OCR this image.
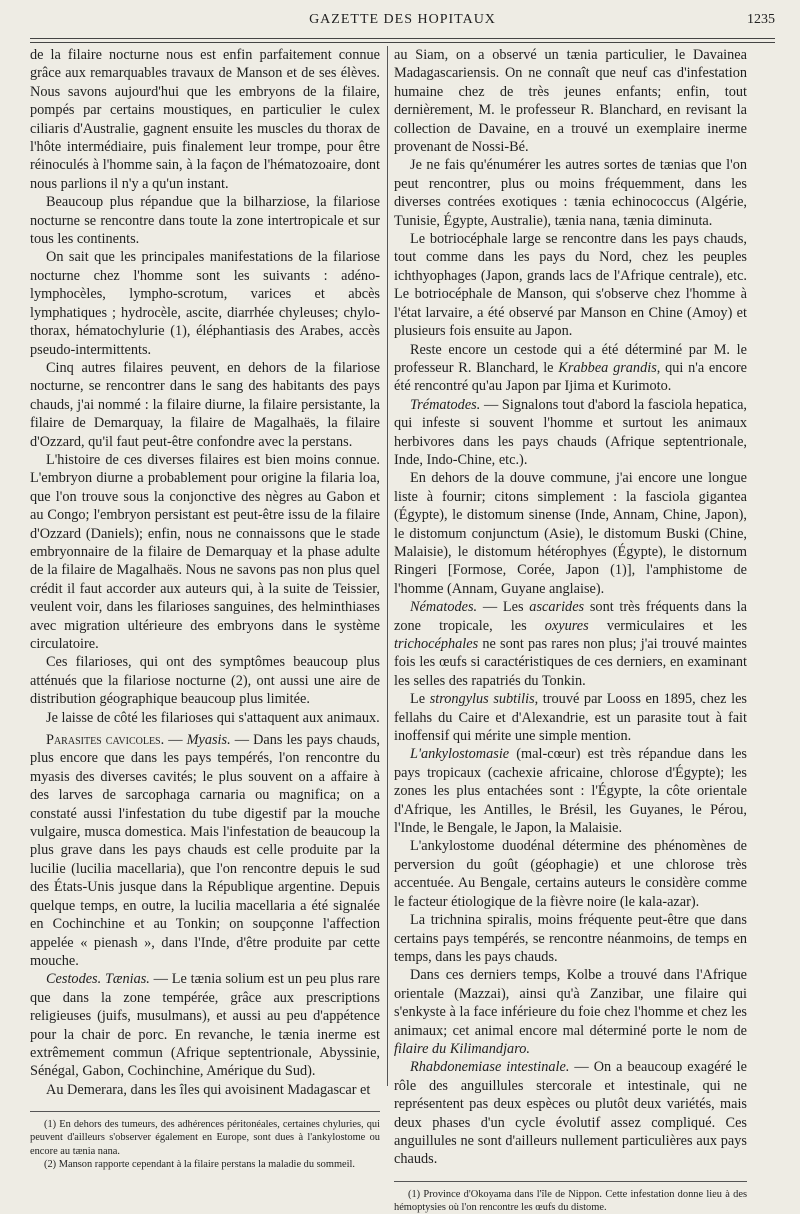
GAZETTE DES HOPITAUX	1235

de la filaire nocturne nous est enfin parfaitement connue grâce aux remarquables travaux de Manson et de ses élèves. Nous savons aujourd'hui que les embryons de la filaire, pompés par certains moustiques, en particulier le culex ciliaris d'Australie, gagnent ensuite les muscles du thorax de l'hôte intermédiaire, puis finalement leur trompe, pour être réinoculés à l'homme sain, à la façon de l'hématozoaire, dont nous parlions il n'y a qu'un instant.

Beaucoup plus répandue que la bilharziose, la filariose nocturne se rencontre dans toute la zone intertropicale et sur tous les continents.

On sait que les principales manifestations de la filariose nocturne chez l'homme sont les suivants : adéno-lymphocèles, lympho-scrotum, varices et abcès lymphatiques ; hydrocèle, ascite, diarrhée chyleuses; chylo-thorax, hématochylurie (1), éléphantiasis des Arabes, accès pseudo-intermittents.

Cinq autres filaires peuvent, en dehors de la filariose nocturne, se rencontrer dans le sang des habitants des pays chauds, j'ai nommé : la filaire diurne, la filaire persistante, la filaire de Demarquay, la filaire de Magalhaës, la filaire d'Ozzard, qu'il faut peut-être confondre avec la perstans.

L'histoire de ces diverses filaires est bien moins connue. L'embryon diurne a probablement pour origine la filaria loa, que l'on trouve sous la conjonctive des nègres au Gabon et au Congo; l'embryon persistant est peut-être issu de la filaire d'Ozzard (Daniels); enfin, nous ne connaissons que le stade embryonnaire de la filaire de Demarquay et la phase adulte de la filaire de Magalhaës. Nous ne savons pas non plus quel crédit il faut accorder aux auteurs qui, à la suite de Teissier, veulent voir, dans les filarioses sanguines, des helminthiases avec migration ultérieure des embryons dans le système circulatoire.

Ces filarioses, qui ont des symptômes beaucoup plus atténués que la filariose nocturne (2), ont aussi une aire de distribution géographique beaucoup plus limitée.

Je laisse de côté les filarioses qui s'attaquent aux animaux.

Parasites cavicoles. — Myasis. — Dans les pays chauds, plus encore que dans les pays tempérés, l'on rencontre du myasis des diverses cavités; le plus souvent on a affaire à des larves de sarcophaga carnaria ou magnifica; on a constaté aussi l'infestation du tube digestif par la mouche vulgaire, musca domestica. Mais l'infestation de beaucoup la plus grave dans les pays chauds est celle produite par la lucilie (lucilia macellaria), que l'on rencontre depuis le sud des États-Unis jusque dans la République argentine. Depuis quelque temps, en outre, la lucilia macellaria a été signalée en Cochinchine et au Tonkin; on soupçonne l'affection appelée « pienash », dans l'Inde, d'être produite par cette mouche.

Cestodes. Tænias. — Le tænia solium est un peu plus rare que dans la zone tempérée, grâce aux prescriptions religieuses (juifs, musulmans), et aussi au peu d'appétence pour la chair de porc. En revanche, le tænia inerme est extrêmement commun (Afrique septentrionale, Abyssinie, Sénégal, Gabon, Cochinchine, Amérique du Sud).

Au Demerara, dans les îles qui avoisinent Madagascar et

(1) En dehors des tumeurs, des adhérences péritonéales, certaines chyluries, qui peuvent d'ailleurs s'observer également en Europe, sont dues à l'ankylostome ou encore au tænia nana.

(2) Manson rapporte cependant à la filaire perstans la maladie du sommeil.

au Siam, on a observé un tænia particulier, le Davainea Madagascariensis. On ne connaît que neuf cas d'infestation humaine chez de très jeunes enfants; enfin, tout dernièrement, M. le professeur R. Blanchard, en revisant la collection de Davaine, en a trouvé un exemplaire inerme provenant de Nossi-Bé.

Je ne fais qu'énumérer les autres sortes de tænias que l'on peut rencontrer, plus ou moins fréquemment, dans les diverses contrées exotiques : tænia echinococcus (Algérie, Tunisie, Égypte, Australie), tænia nana, tænia diminuta.

Le botriocéphale large se rencontre dans les pays chauds, tout comme dans les pays du Nord, chez les peuples ichthyophages (Japon, grands lacs de l'Afrique centrale), etc. Le botriocéphale de Manson, qui s'observe chez l'homme à l'état larvaire, a été observé par Manson en Chine (Amoy) et plusieurs fois ensuite au Japon.

Reste encore un cestode qui a été déterminé par M. le professeur R. Blanchard, le Krabbea grandis, qui n'a encore été rencontré qu'au Japon par Ijima et Kurimoto.

Trématodes. — Signalons tout d'abord la fasciola hepatica, qui infeste si souvent l'homme et surtout les animaux herbivores dans les pays chauds (Afrique septentrionale, Inde, Indo-Chine, etc.).

En dehors de la douve commune, j'ai encore une longue liste à fournir; citons simplement : la fasciola gigantea (Égypte), le distomum sinense (Inde, Annam, Chine, Japon), le distomum conjunctum (Asie), le distomum Buski (Chine, Malaisie), le distomum hétérophyes (Égypte), le distornum Ringeri [Formose, Corée, Japon (1)], l'amphistome de l'homme (Annam, Guyane anglaise).

Nématodes. — Les ascarides sont très fréquents dans la zone tropicale, les oxyures vermiculaires et les trichocéphales ne sont pas rares non plus; j'ai trouvé maintes fois les œufs si caractéristiques de ces derniers, en examinant les selles des rapatriés du Tonkin.

Le strongylus subtilis, trouvé par Looss en 1895, chez les fellahs du Caire et d'Alexandrie, est un parasite tout à fait inoffensif qui mérite une simple mention.

L'ankylostomasie (mal-cœur) est très répandue dans les pays tropicaux (cachexie africaine, chlorose d'Égypte); les zones les plus entachées sont : l'Égypte, la côte orientale d'Afrique, les Antilles, le Brésil, les Guyanes, le Pérou, l'Inde, le Bengale, le Japon, la Malaisie.

L'ankylostome duodénal détermine des phénomènes de perversion du goût (géophagie) et une chlorose très accentuée. Au Bengale, certains auteurs le considère comme le facteur étiologique de la fièvre noire (le kala-azar).

La trichnina spiralis, moins fréquente peut-être que dans certains pays tempérés, se rencontre néanmoins, de temps en temps, dans les pays chauds.

Dans ces derniers temps, Kolbe a trouvé dans l'Afrique orientale (Mazzai), ainsi qu'à Zanzibar, une filaire qui s'enkyste à la face inférieure du foie chez l'homme et chez les animaux; cet animal encore mal déterminé porte le nom de filaire du Kilimandjaro.

Rhabdonemiase intestinale. — On a beaucoup exagéré le rôle des anguillules stercorale et intestinale, qui ne représentent pas deux espèces ou plutôt deux variétés, mais deux phases d'un cycle évolutif assez compliqué. Ces anguillules ne sont d'ailleurs nullement particulières aux pays chauds.

(1) Province d'Okoyama dans l'île de Nippon. Cette infestation donne lieu à des hémoptysies où l'on rencontre les œufs du distome.
